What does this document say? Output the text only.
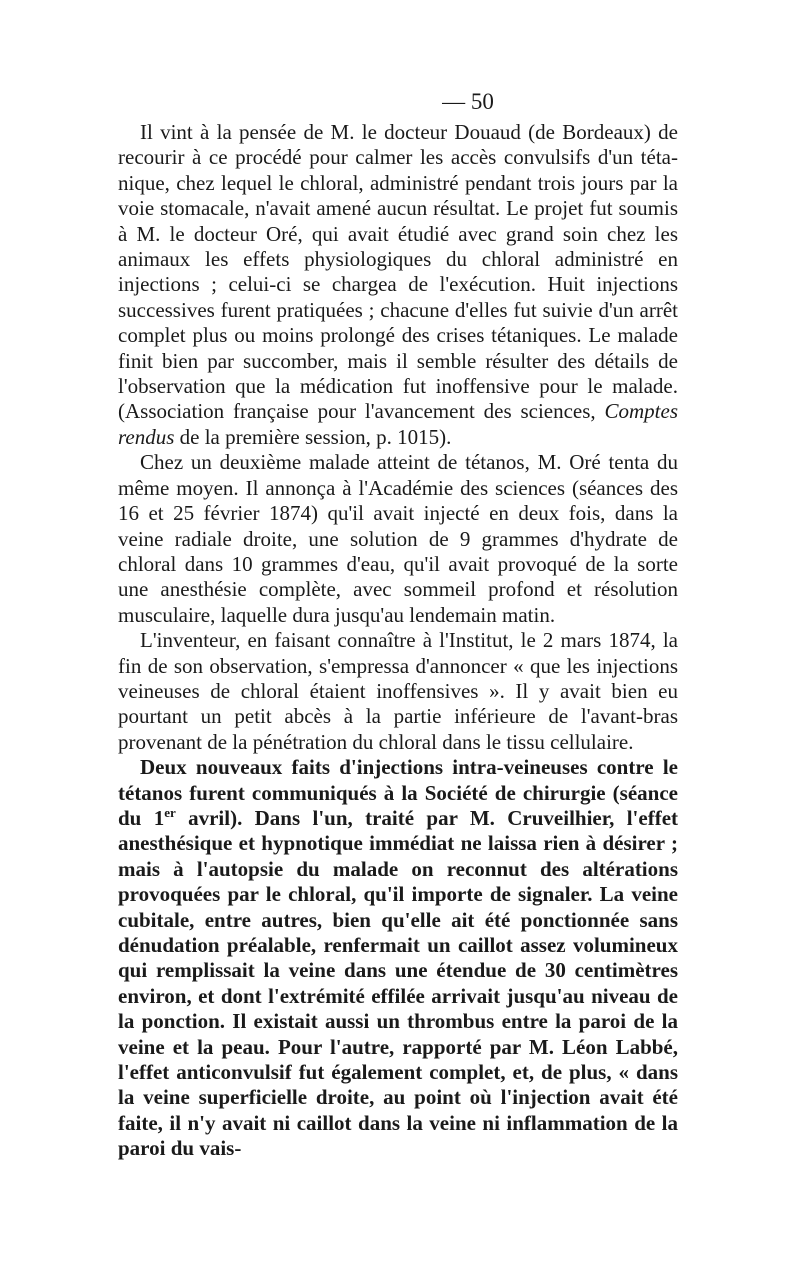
— 50

Il vint à la pensée de M. le docteur Douaud (de Bordeaux) de recourir à ce procédé pour calmer les accès convulsifs d'un tétanique, chez lequel le chloral, administré pendant trois jours par la voie stomacale, n'avait amené aucun résultat. Le projet fut soumis à M. le docteur Oré, qui avait étudié avec grand soin chez les animaux les effets physiologiques du chloral administré en injections ; celui-ci se chargea de l'exécution. Huit injections successives furent pratiquées ; chacune d'elles fut suivie d'un arrêt complet plus ou moins prolongé des crises tétaniques. Le malade finit bien par succomber, mais il semble résulter des détails de l'observation que la médication fut inoffensive pour le malade. (Association française pour l'avancement des sciences, Comptes rendus de la première session, p. 1015).

Chez un deuxième malade atteint de tétanos, M. Oré tenta du même moyen. Il annonça à l'Académie des sciences (séances des 16 et 25 février 1874) qu'il avait injecté en deux fois, dans la veine radiale droite, une solution de 9 grammes d'hydrate de chloral dans 10 grammes d'eau, qu'il avait provoqué de la sorte une anesthésie complète, avec sommeil profond et résolution musculaire, laquelle dura jusqu'au lendemain matin.

L'inventeur, en faisant connaître à l'Institut, le 2 mars 1874, la fin de son observation, s'empressa d'annoncer « que les injections veineuses de chloral étaient inoffensives ». Il y avait bien eu pourtant un petit abcès à la partie inférieure de l'avant-bras provenant de la pénétration du chloral dans le tissu cellulaire.

Deux nouveaux faits d'injections intra-veineuses contre le tétanos furent communiqués à la Société de chirurgie (séance du 1er avril). Dans l'un, traité par M. Cruveilhier, l'effet anesthésique et hypnotique immédiat ne laissa rien à désirer ; mais à l'autopsie du malade on reconnut des altérations provoquées par le chloral, qu'il importe de signaler. La veine cubitale, entre autres, bien qu'elle ait été ponctionnée sans dénudation préalable, renfermait un caillot assez volumineux qui remplissait la veine dans une étendue de 30 centimètres environ, et dont l'extrémité effilée arrivait jusqu'au niveau de la ponction. Il existait aussi un thrombus entre la paroi de la veine et la peau. Pour l'autre, rapporté par M. Léon Labbé, l'effet anticonvulsif fut également complet, et, de plus, « dans la veine superficielle droite, au point où l'injection avait été faite, il n'y avait ni caillot dans la veine ni inflammation de la paroi du vais-
